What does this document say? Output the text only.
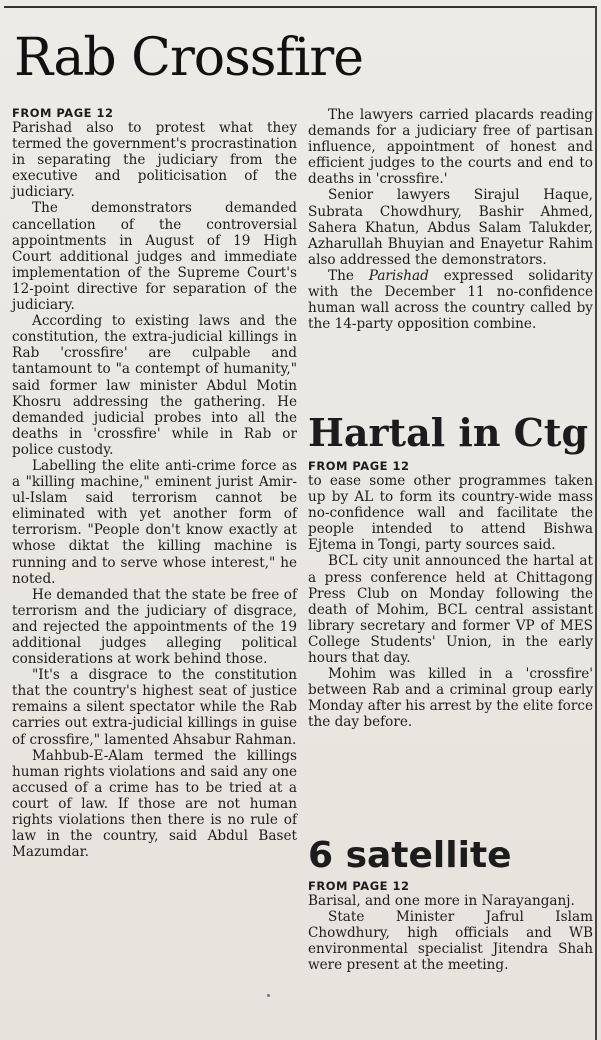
Rab Crossfire
FROM PAGE 12

Parishad also to protest what they termed the government's procrastination in separating the judiciary from the executive and politicisation of the judiciary.

The demonstrators demanded cancellation of the controversial appointments in August of 19 High Court additional judges and immediate implementation of the Supreme Court's 12-point directive for separation of the judiciary.

According to existing laws and the constitution, the extra-judicial killings in Rab 'crossfire' are culpable and tantamount to "a contempt of humanity," said former law minister Abdul Motin Khosru addressing the gathering. He demanded judicial probes into all the deaths in 'crossfire' while in Rab or police custody.

Labelling the elite anti-crime force as a "killing machine," eminent jurist Amir-ul-Islam said terrorism cannot be eliminated with yet another form of terrorism. "People don't know exactly at whose diktat the killing machine is running and to serve whose interest," he noted.

He demanded that the state be free of terrorism and the judiciary of disgrace, and rejected the appointments of the 19 additional judges alleging political considerations at work behind those.

"It's a disgrace to the constitution that the country's highest seat of justice remains a silent spectator while the Rab carries out extra-judicial killings in guise of crossfire," lamented Ahsabur Rahman.

Mahbub-E-Alam termed the killings human rights violations and said any one accused of a crime has to be tried at a court of law. If those are not human rights violations then there is no rule of law in the country, said Abdul Baset Mazumdar.

The lawyers carried placards reading demands for a judiciary free of partisan influence, appointment of honest and efficient judges to the courts and end to deaths in 'crossfire.'

Senior lawyers Sirajul Haque, Subrata Chowdhury, Bashir Ahmed, Sahera Khatun, Abdus Salam Talukder, Azharullah Bhuyian and Enayetur Rahim also addressed the demonstrators.

The Parishad expressed solidarity with the December 11 no-confidence human wall across the country called by the 14-party opposition combine.

Hartal in Ctg
FROM PAGE 12

to ease some other programmes taken up by AL to form its country-wide mass no-confidence wall and facilitate the people intended to attend Bishwa Ejtema in Tongi, party sources said.

BCL city unit announced the hartal at a press conference held at Chittagong Press Club on Monday following the death of Mohim, BCL central assistant library secretary and former VP of MES College Students' Union, in the early hours that day.

Mohim was killed in a 'crossfire' between Rab and a criminal group early Monday after his arrest by the elite force the day before.

6 satellite
FROM PAGE 12

Barisal, and one more in Narayanganj.

State Minister Jafrul Islam Chowdhury, high officials and WB environmental specialist Jitendra Shah were present at the meeting.
